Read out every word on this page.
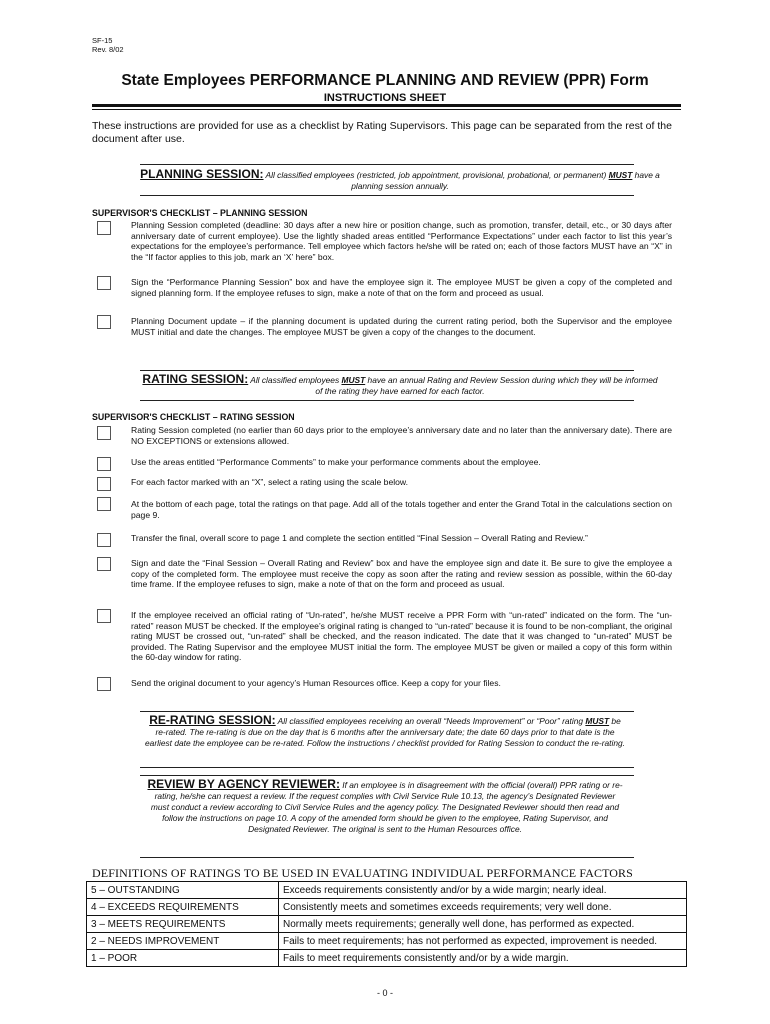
SF-15
Rev. 8/02
State Employees PERFORMANCE PLANNING AND REVIEW (PPR) Form
INSTRUCTIONS SHEET
These instructions are provided for use as a checklist by Rating Supervisors. This page can be separated from the rest of the document after use.
PLANNING SESSION: All classified employees (restricted, job appointment, provisional, probational, or permanent) MUST have a planning session annually.
SUPERVISOR'S CHECKLIST – PLANNING SESSION
Planning Session completed (deadline: 30 days after a new hire or position change, such as promotion, transfer, detail, etc., or 30 days after anniversary date of current employee). Use the lightly shaded areas entitled “Performance Expectations” under each factor to list this year’s expectations for the employee’s performance. Tell employee which factors he/she will be rated on; each of those factors MUST have an “X” in the “If factor applies to this job, mark an ‘X’ here” box.
Sign the “Performance Planning Session” box and have the employee sign it. The employee MUST be given a copy of the completed and signed planning form. If the employee refuses to sign, make a note of that on the form and proceed as usual.
Planning Document update – if the planning document is updated during the current rating period, both the Supervisor and the employee MUST initial and date the changes. The employee MUST be given a copy of the changes to the document.
RATING SESSION: All classified employees MUST have an annual Rating and Review Session during which they will be informed of the rating they have earned for each factor.
SUPERVISOR'S CHECKLIST – RATING SESSION
Rating Session completed (no earlier than 60 days prior to the employee’s anniversary date and no later than the anniversary date). There are NO EXCEPTIONS or extensions allowed.
Use the areas entitled “Performance Comments” to make your performance comments about the employee.
For each factor marked with an “X”, select a rating using the scale below.
At the bottom of each page, total the ratings on that page. Add all of the totals together and enter the Grand Total in the calculations section on page 9.
Transfer the final, overall score to page 1 and complete the section entitled “Final Session – Overall Rating and Review.”
Sign and date the “Final Session – Overall Rating and Review” box and have the employee sign and date it. Be sure to give the employee a copy of the completed form. The employee must receive the copy as soon after the rating and review session as possible, within the 60-day time frame. If the employee refuses to sign, make a note of that on the form and proceed as usual.
If the employee received an official rating of “Un-rated”, he/she MUST receive a PPR Form with “un-rated” indicated on the form. The “un-rated” reason MUST be checked. If the employee’s original rating is changed to “un-rated” because it is found to be non-compliant, the original rating MUST be crossed out, “un-rated” shall be checked, and the reason indicated. The date that it was changed to “un-rated” MUST be provided. The Rating Supervisor and the employee MUST initial the form. The employee MUST be given or mailed a copy of this form within the 60-day window for rating.
Send the original document to your agency’s Human Resources office. Keep a copy for your files.
RE-RATING SESSION: All classified employees receiving an overall “Needs Improvement” or “Poor” rating MUST be re-rated. The re-rating is due on the day that is 6 months after the anniversary date; the date 60 days prior to that date is the earliest date the employee can be re-rated. Follow the instructions / checklist provided for Rating Session to conduct the re-rating.
REVIEW BY AGENCY REVIEWER: If an employee is in disagreement with the official (overall) PPR rating or re-rating, he/she can request a review. If the request complies with Civil Service Rule 10.13, the agency’s Designated Reviewer must conduct a review according to Civil Service Rules and the agency policy. The Designated Reviewer should then read and follow the instructions on page 10. A copy of the amended form should be given to the employee, Rating Supervisor, and Designated Reviewer. The original is sent to the Human Resources office.
DEFINITIONS OF RATINGS TO BE USED IN EVALUATING INDIVIDUAL PERFORMANCE FACTORS
5 – OUTSTANDING	Exceeds requirements consistently and/or by a wide margin; nearly ideal.
4 – EXCEEDS REQUIREMENTS	Consistently meets and sometimes exceeds requirements; very well done.
3 – MEETS REQUIREMENTS	Normally meets requirements; generally well done, has performed as expected.
2 – NEEDS IMPROVEMENT	Fails to meet requirements; has not performed as expected, improvement is needed.
1 – POOR	Fails to meet requirements consistently and/or by a wide margin.
- 0 -
